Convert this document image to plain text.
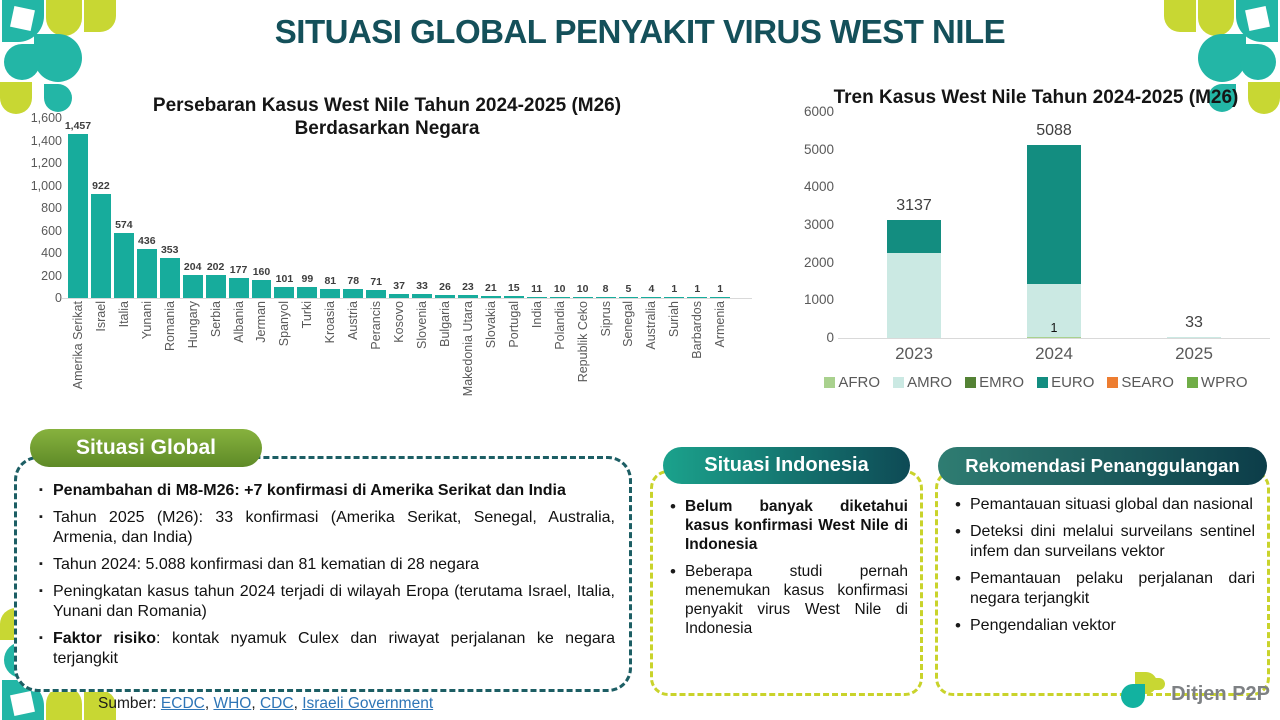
SITUASI GLOBAL PENYAKIT VIRUS WEST NILE
Persebaran Kasus West Nile Tahun 2024-2025 (M26)
Berdasarkan Negara
1,600
1,400
1,200
1,000
800
600
400
200
0
1,457
922
574
436
353
204 202 177 160
101 99 81 78 71 37 33 26 23 21 15 11 10 10 8 5 4 1 1 1
Amerika Serikat Israel Italia Yunani Romania Hungary Serbia Albania Jerman Spanyol Turki Kroasia Austria Perancis Kosovo Slovenia Bulgaria Makedonia Utara Slovakia Portugal India Polandia Republik Ceko Siprus Senegal Australia Suriah Barbardos Armenia
Tren Kasus West Nile Tahun 2024-2025 (M26)
6000
5000
4000
3000
2000
1000
0
3137
5088
1	33
2023	2024	2025
AFRO AMRO EMRO EURO SEARO WPRO
▪ Penambahan di M8-M26: +7 konfirmasi di Amerika Serikat dan India
▪ Tahun 2025 (M26): 33 konfirmasi (Amerika Serikat, Senegal, Australia, Armenia, dan India)
▪ Tahun 2024: 5.088 konfirmasi dan 81 kematian di 28 negara
▪ Peningkatan kasus tahun 2024 terjadi di wilayah Eropa (terutama Israel, Italia, Yunani dan Romania)
▪ Faktor risiko: kontak nyamuk Culex dan riwayat perjalanan ke negara terjangkit
Situasi Global
• Belum banyak diketahui kasus konfirmasi West Nile di Indonesia
• Beberapa studi pernah menemukan kasus konfirmasi penyakit virus West Nile di Indonesia
Situasi Indonesia
• Pemantauan situasi global dan nasional
• Deteksi dini melalui surveilans sentinel infem dan surveilans vektor
• Pemantauan pelaku perjalanan dari negara terjangkit
• Pengendalian vektor
Rekomendasi Penanggulangan
Sumber: ECDC, WHO, CDC, Israeli Government	Ditjen P2P
